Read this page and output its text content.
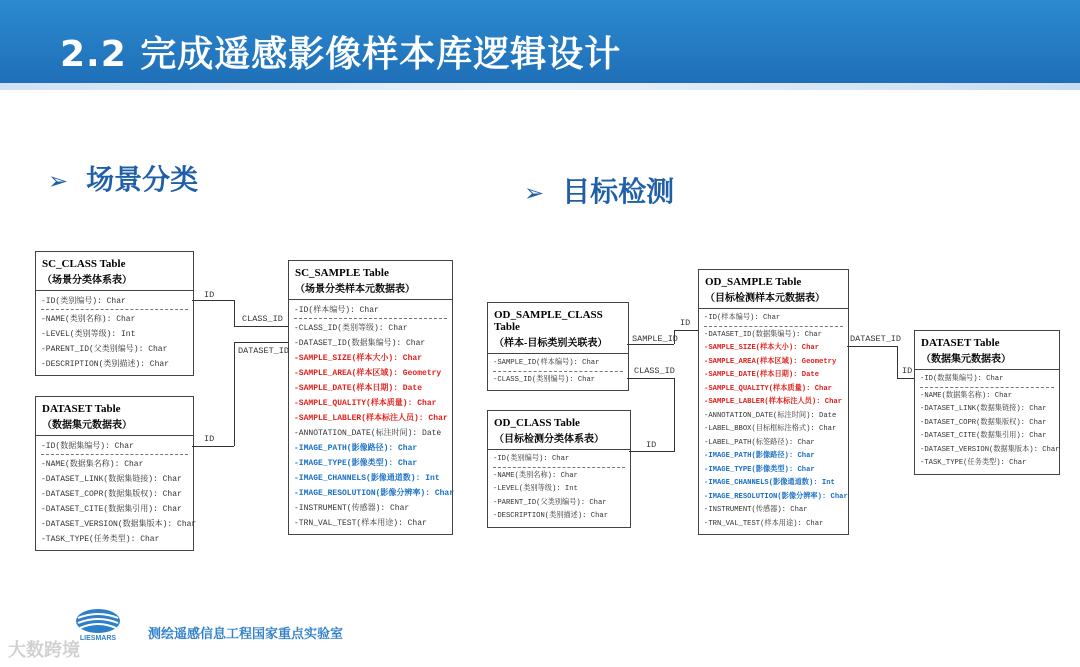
2.2 完成遥感影像样本库逻辑设计
➢ 场景分类	➢ 目标检测
SC_CLASS Table
（场景分类体系表）
-ID(类别编号): Char
-NAME(类别名称): Char
-LEVEL(类别等级): Int
-PARENT_ID(父类别编号): Char
-DESCRIPTION(类别描述): Char
DATASET Table
（数据集元数据表）
-ID(数据集编号): Char
-NAME(数据集名称): Char
-DATASET_LINK(数据集链接): Char
-DATASET_COPR(数据集版权): Char
-DATASET_CITE(数据集引用): Char
-DATASET_VERSION(数据集版本): Char
-TASK_TYPE(任务类型): Char
SC_SAMPLE Table
（场景分类样本元数据表）
-ID(样本编号): Char
-CLASS_ID(类别等级): Char
-DATASET_ID(数据集编号): Char
-SAMPLE_SIZE(样本大小): Char
-SAMPLE_AREA(样本区域): Geometry
-SAMPLE_DATE(样本日期): Date
-SAMPLE_QUALITY(样本质量): Char
-SAMPLE_LABLER(样本标注人员): Char
-ANNOTATION_DATE(标注时间): Date
-IMAGE_PATH(影像路径): Char
-IMAGE_TYPE(影像类型): Char
-IMAGE_CHANNELS(影像通道数): Int
-IMAGE_RESOLUTION(影像分辨率): Char
-INSTRUMENT(传感器): Char
-TRN_VAL_TEST(样本用途): Char
OD_SAMPLE_CLASS Table
（样本-目标类别关联表）
-SAMPLE_ID(样本编号): Char
-CLASS_ID(类别编号): Char
OD_CLASS Table
（目标检测分类体系表）
-ID(类别编号): Char
-NAME(类别名称): Char
-LEVEL(类别等级): Int
-PARENT_ID(父类别编号): Char
-DESCRIPTION(类别描述): Char
OD_SAMPLE Table
（目标检测样本元数据表）
-ID(样本编号): Char
-DATASET_ID(数据集编号): Char
-SAMPLE_SIZE(样本大小): Char
-SAMPLE_AREA(样本区域): Geometry
-SAMPLE_DATE(样本日期): Date
-SAMPLE_QUALITY(样本质量): Char
-SAMPLE_LABLER(样本标注人员): Char
-ANNOTATION_DATE(标注时间): Date
-LABEL_BBOX(目标框标注格式): Char
-LABEL_PATH(标签路径): Char
-IMAGE_PATH(影像路径): Char
-IMAGE_TYPE(影像类型): Char
-IMAGE_CHANNELS(影像通道数): Int
-IMAGE_RESOLUTION(影像分辨率): Char
-INSTRUMENT(传感器): Char
-TRN_VAL_TEST(样本用途): Char
DATASET Table
（数据集元数据表）
-ID(数据集编号): Char
-NAME(数据集名称): Char
-DATASET_LINK(数据集链接): Char
-DATASET_COPR(数据集版权): Char
-DATASET_CITE(数据集引用): Char
-DATASET_VERSION(数据集版本): Char
-TASK_TYPE(任务类型): Char
ID
CLASS_ID
DATASET_ID
ID
SAMPLE_ID
ID
CLASS_ID
ID
DATASET_ID
ID
LIESMARS 测绘遥感信息工程国家重点实验室
大数跨境
